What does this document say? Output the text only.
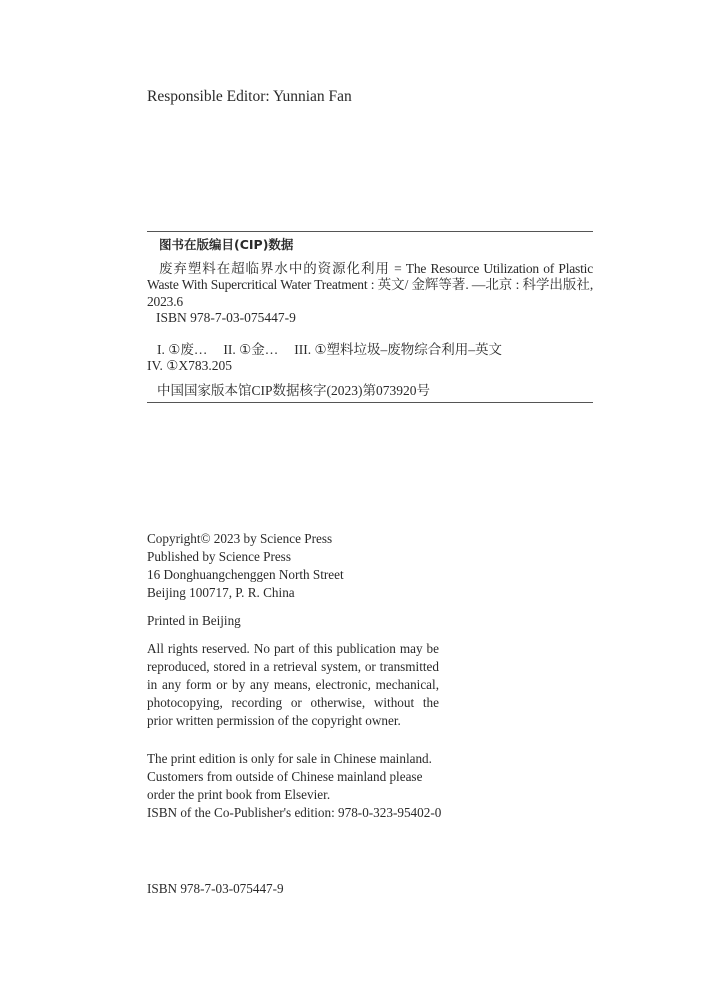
Responsible Editor: Yunnian Fan
图书在版编目(CIP)数据
废弃塑料在超临界水中的资源化利用 = The Resource Utilization of Plastic Waste With Supercritical Water Treatment : 英文/ 金辉等著. —北京 : 科学出版社, 2023.6
ISBN 978-7-03-075447-9
I. ①废… II. ①金… III. ①塑料垃圾–废物综合利用–英文
IV. ①X783.205
中国国家版本馆CIP数据核字(2023)第073920号

Copyright© 2023 by Science Press
Published by Science Press
16 Donghuangchenggen North Street
Beijing 100717, P. R. China

Printed in Beijing

All rights reserved. No part of this publication may be reproduced, stored in a retrieval system, or transmitted in any form or by any means, electronic, mechanical, photocopying, recording or otherwise, without the prior written permission of the copyright owner.

The print edition is only for sale in Chinese mainland.
Customers from outside of Chinese mainland please
order the print book from Elsevier.
ISBN of the Co-Publisher's edition: 978-0-323-95402-0

ISBN 978-7-03-075447-9
